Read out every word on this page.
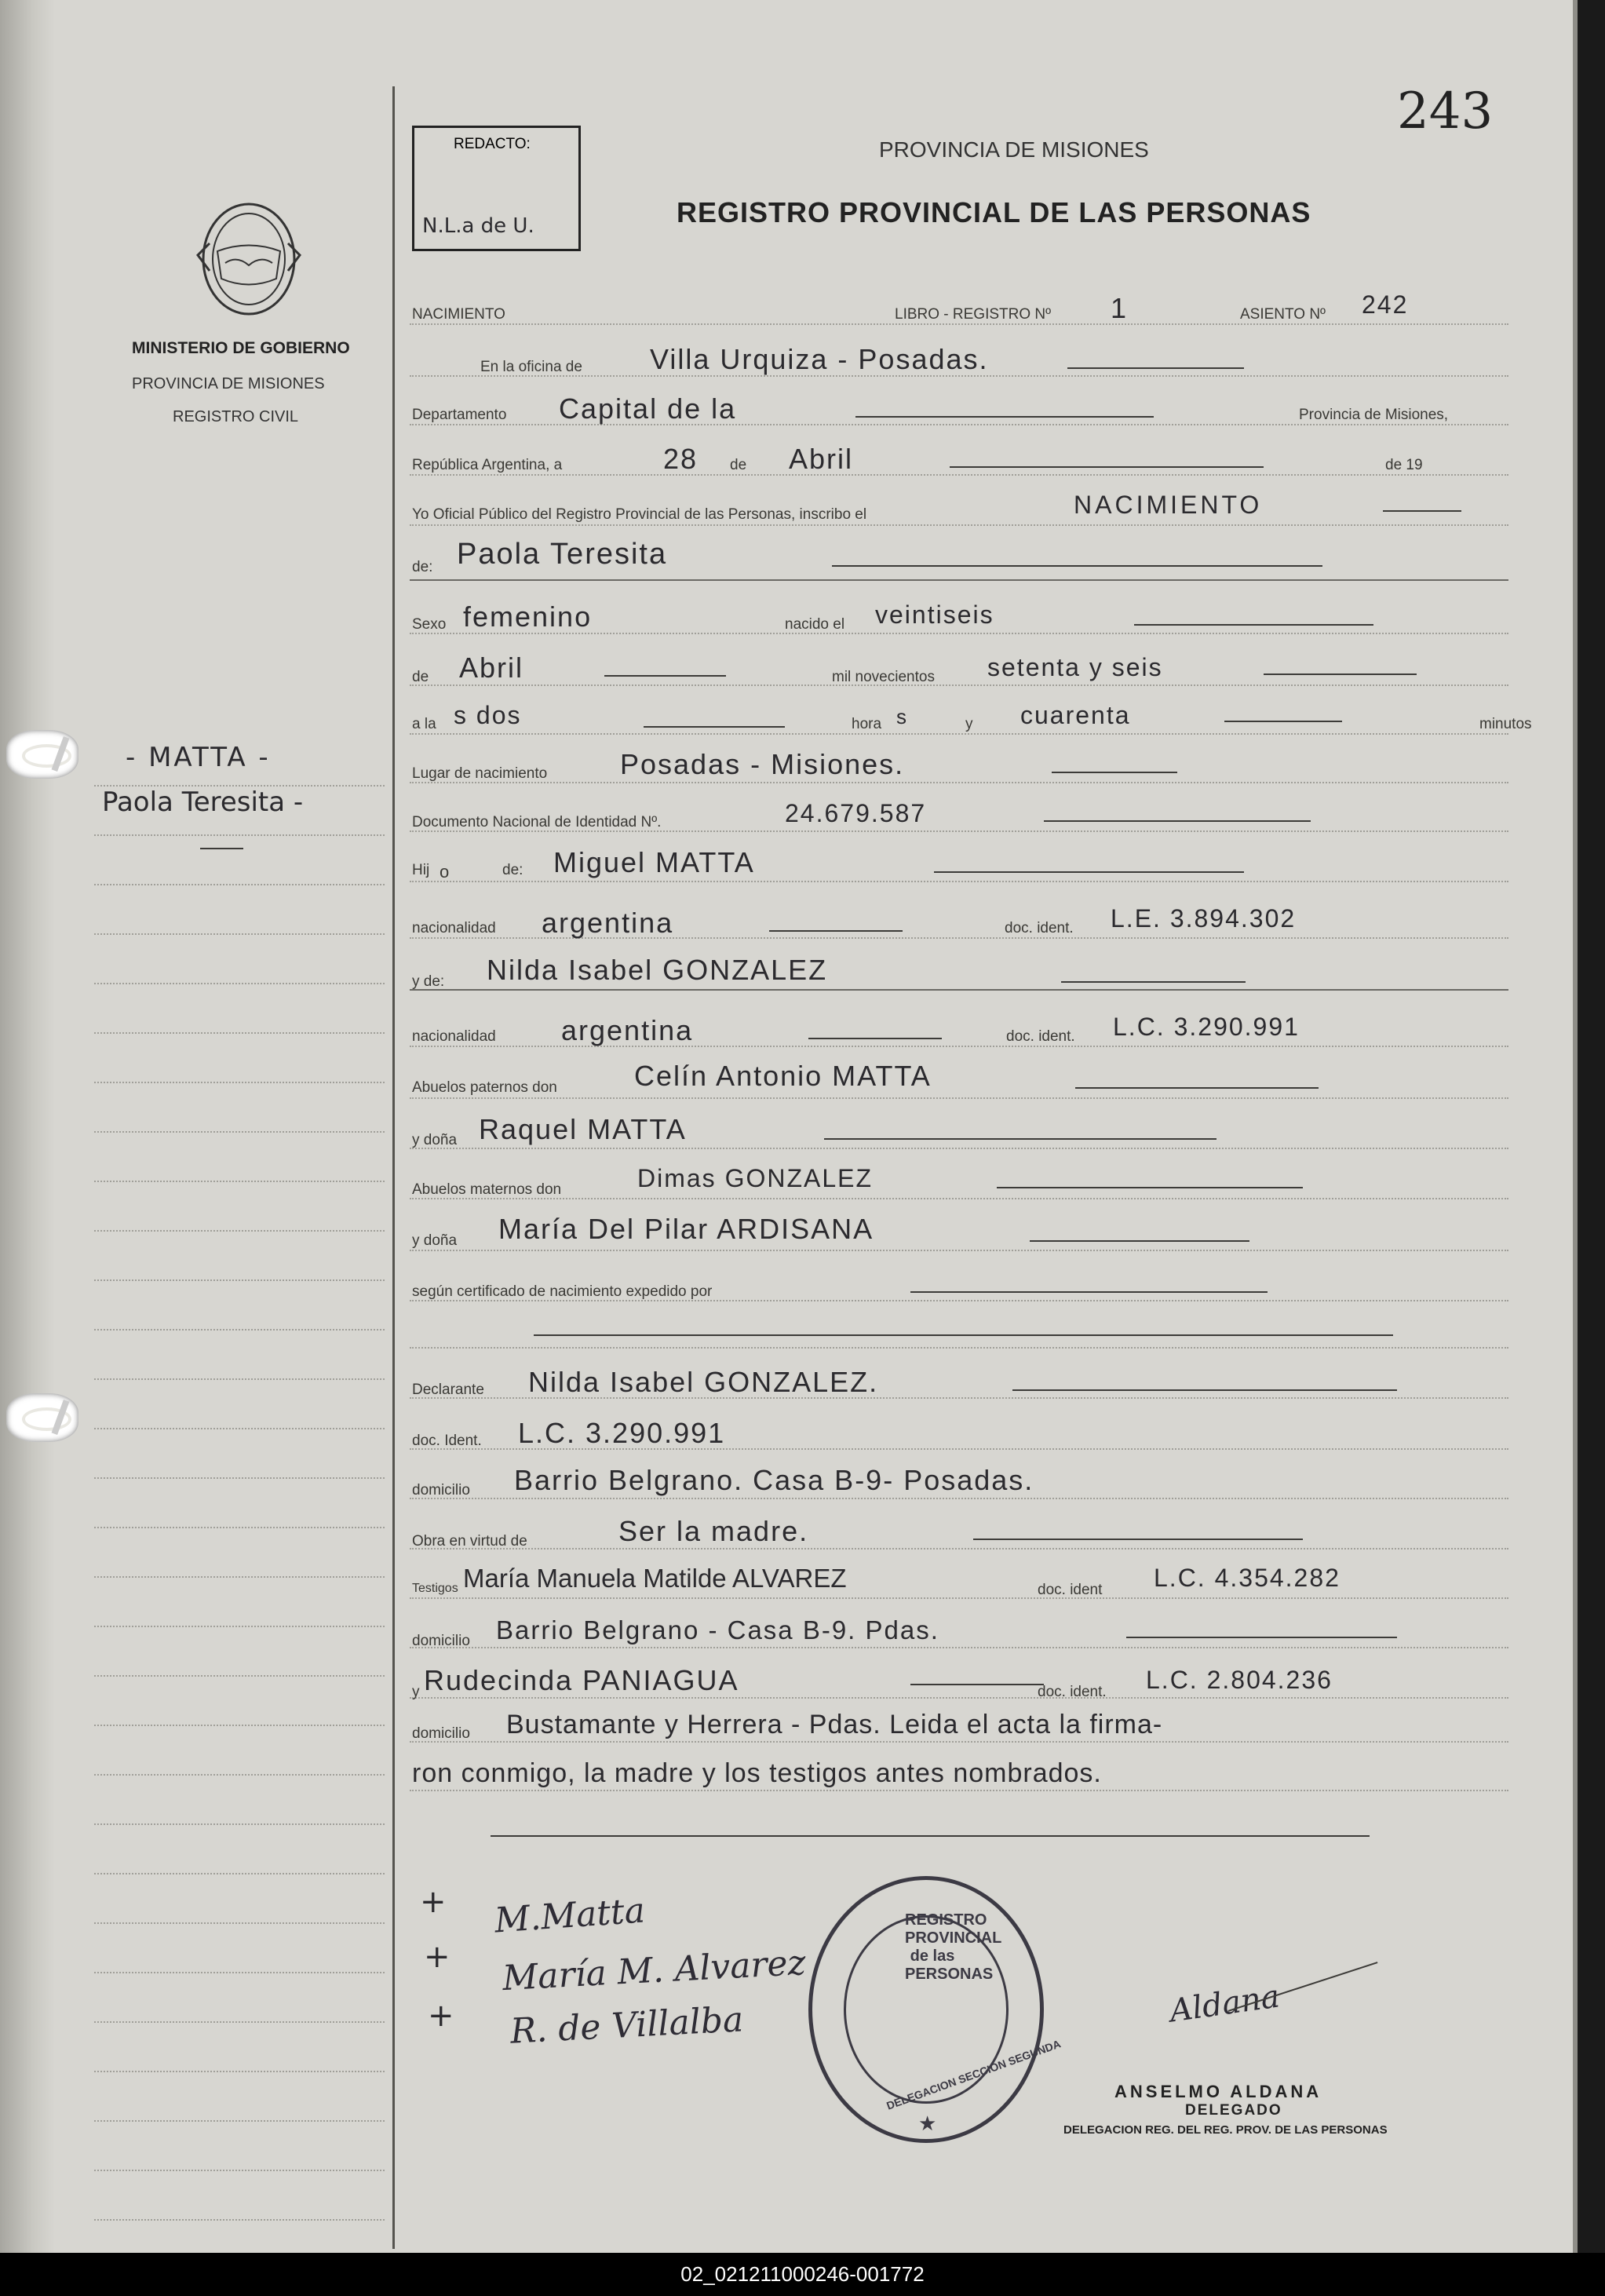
243
MINISTERIO DE GOBIERNO
PROVINCIA DE MISIONES
REGISTRO CIVIL
- MATTA -
Paola Teresita -
REDACTO:
N.L.a de U.
PROVINCIA DE MISIONES
REGISTRO PROVINCIAL DE LAS PERSONAS
NACIMIENTO	LIBRO - REGISTRO Nº 1	ASIENTO Nº 242
En la oficina de Villa Urquiza - Posadas.
Departamento Capital de la	Provincia de Misiones,
República Argentina, a	28 de Abril	de 19
Yo Oficial Público del Registro Provincial de las Personas, inscribo el	NACIMIENTO
de: Paola Teresita
Sexo femenino	nacido el veintiseis
de Abril	mil novecientos setenta y seis
a la s dos	hora s	y cuarenta	minutos
Lugar de nacimiento	Posadas - Misiones.
Documento Nacional de Identidad Nº.	24.679.587
Hij o	de: Miguel MATTA
nacionalidad argentina	doc. ident. L.E. 3.894.302
y de: Nilda Isabel GONZALEZ
nacionalidad argentina	doc. ident. L.C. 3.290.991
Abuelos paternos don	Celín Antonio MATTA
y doña Raquel MATTA
Abuelos maternos don	Dimas GONZALEZ
y doña María Del Pilar ARDISANA
según certificado de nacimiento expedido por
Declarante Nilda Isabel GONZALEZ.
doc. Ident. L.C. 3.290.991
domicilio Barrio Belgrano. Casa B-9- Posadas.
Obra en virtud de	Ser la madre.
Testigos María Manuela Matilde ALVAREZ	doc. ident L.C. 4.354.282
domicilio Barrio Belgrano - Casa B-9. Pdas.
y Rudecinda PANIAGUA	doc. ident. L.C. 2.804.236
domicilio Bustamante y Herrera - Pdas. Leida el acta la firma-
ron conmigo, la madre y los testigos antes nombrados.
+
+
+
M.Matta
María M. Alvarez
R. de Villalba
REGISTRO PROVINCIAL de las PERSONAS
DELEGACION SECCION SEGUNDA
★
Aldana
ANSELMO ALDANA
DELEGADO
DELEGACION REG. DEL REG. PROV. DE LAS PERSONAS
02_021211000246-001772
